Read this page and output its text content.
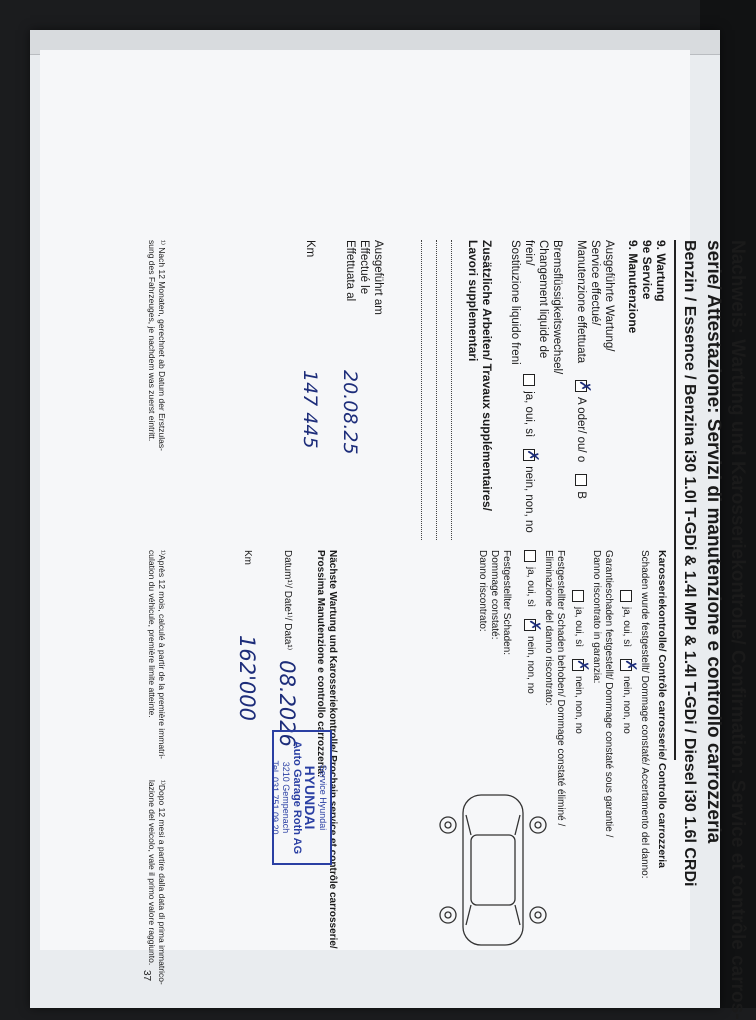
Nachweis: Wartung und Karosseriekontrolle/ Confirmation: Service et contrôle carros-
serie/ Attestazione: Servizi di manutenzione e controllo carrozzeria
Benzin / Essence / Benzina i30 1.0l T-GDi & 1.4l MPI & 1.4l T-GDi / Diesel i30 1.6l CRDi
9. Wartung
9e Service
9. Manutenzione
Ausgeführte Wartung/
Service effectué/
Manutenzione effettuata
✗
A oder/ ou/ o
B
Bremsflüssigkeitswechsel/
Changement liquide de frein/
Sostituzione liquido freni
ja, oui, sì
✗
nein, non, no
Zusätzliche Arbeiten/ Travaux supplémentaires/
Lavori supplementari
Ausgeführt am
Effectué le
Effettuata al
20.08.25
Km
147 445
¹⁾ Nach 12 Monaten, gerechnet ab Datum der Erstzulas-
sung des Fahrzeuges, je nachdem was zuerst eintritt.
¹⁾Après 12 mois, calculé à partir de la première immatri-
culation du véhicule, première limite atteinte.
¹⁾Dopo 12 mesi a partire dalla data di prima immatrico-
lazione del veicolo, vale il primo valore raggiunto.
Karosseriekontrolle/ Contrôle carrosserie/ Controllo carrozzeria
Schaden wurde festgestellt/ Dommage constaté/ Accertamento del danno:
ja, oui, sì
✗
nein, non, no
Garantieschaden festgestellt/ Dommage constaté sous garantie /
Danno riscontrato in garanzia:
ja, oui, sì
✗
nein, non, no
Festgestellter Schaden behoben/ Dommage constaté éliminé /
Eliminazione del danno riscontrato:
ja, oui, sì
✗
nein, non, no
Festgestellter Schaden:
Dommage constaté:
Danno riscontrato:
Nächste Wartung und Karosseriekontrolle/ Prochain service et contrôle carrosserie/
Prossima Manutenzione e controllo carrozzeria:
Datum¹⁾/ Date¹⁾/ Data¹⁾
08.2026
Km
162'000
Service Hyundai
HYUNDAI
Auto Garage Roth AG
3210 Gempenach
Tel. 031 751 09 20
37
